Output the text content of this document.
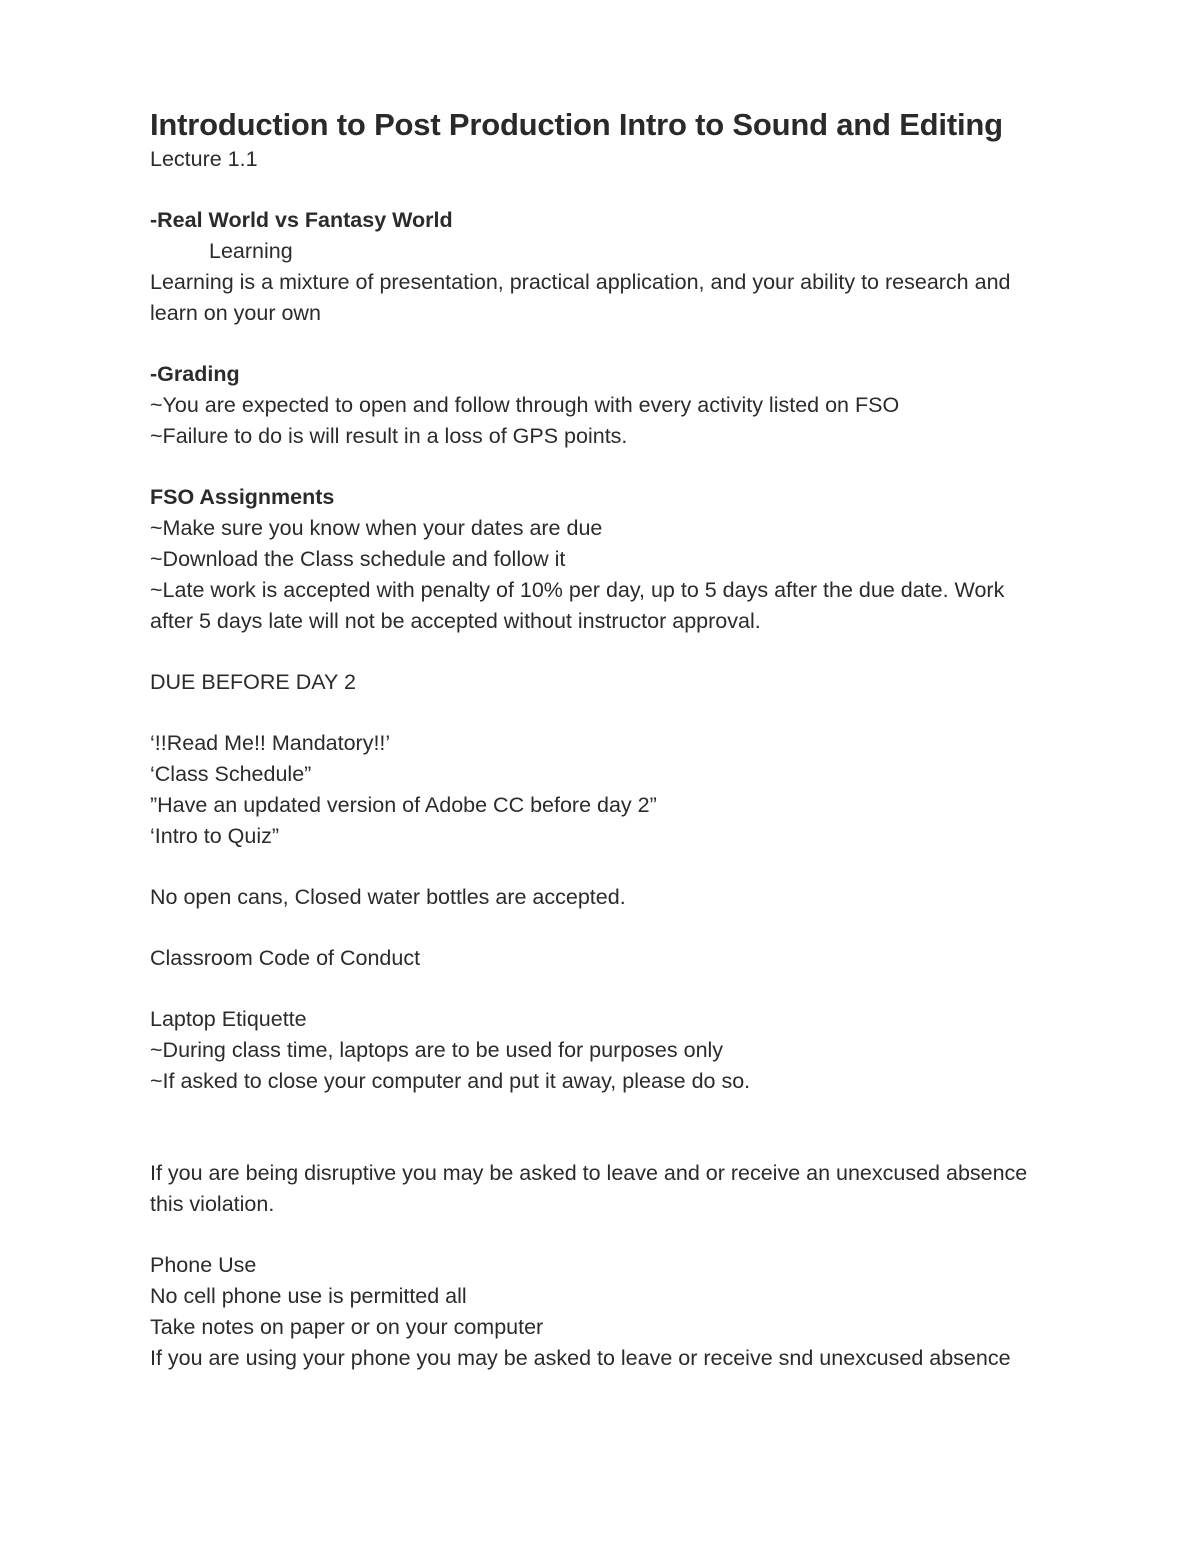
Introduction to Post Production Intro to Sound and Editing

Lecture 1.1

-Real World vs Fantasy World

Learning

Learning is a mixture of presentation, practical application, and your ability to research and learn on your own

-Grading

~You are expected to open and follow through with every activity listed on FSO

~Failure to do is will result in a loss of GPS points.

FSO Assignments

~Make sure you know when your dates are due

~Download the Class schedule and follow it

~Late work is accepted with penalty of 10% per day, up to 5 days after the due date. Work after 5 days late will not be accepted without instructor approval.

DUE BEFORE DAY 2

‘!!Read Me!! Mandatory!!’

‘Class Schedule”

”Have an updated version of Adobe CC before day 2”

‘Intro to Quiz”

No open cans, Closed water bottles are accepted.

Classroom Code of Conduct

Laptop Etiquette

~During class time, laptops are to be used for purposes only

~If asked to close your computer and put it away, please do so.

If you are being disruptive you may be asked to leave and or receive an unexcused absence this violation.

Phone Use

No cell phone use is permitted all

Take notes on paper or on your computer

If you are using your phone you may be asked to leave or receive snd unexcused absence
